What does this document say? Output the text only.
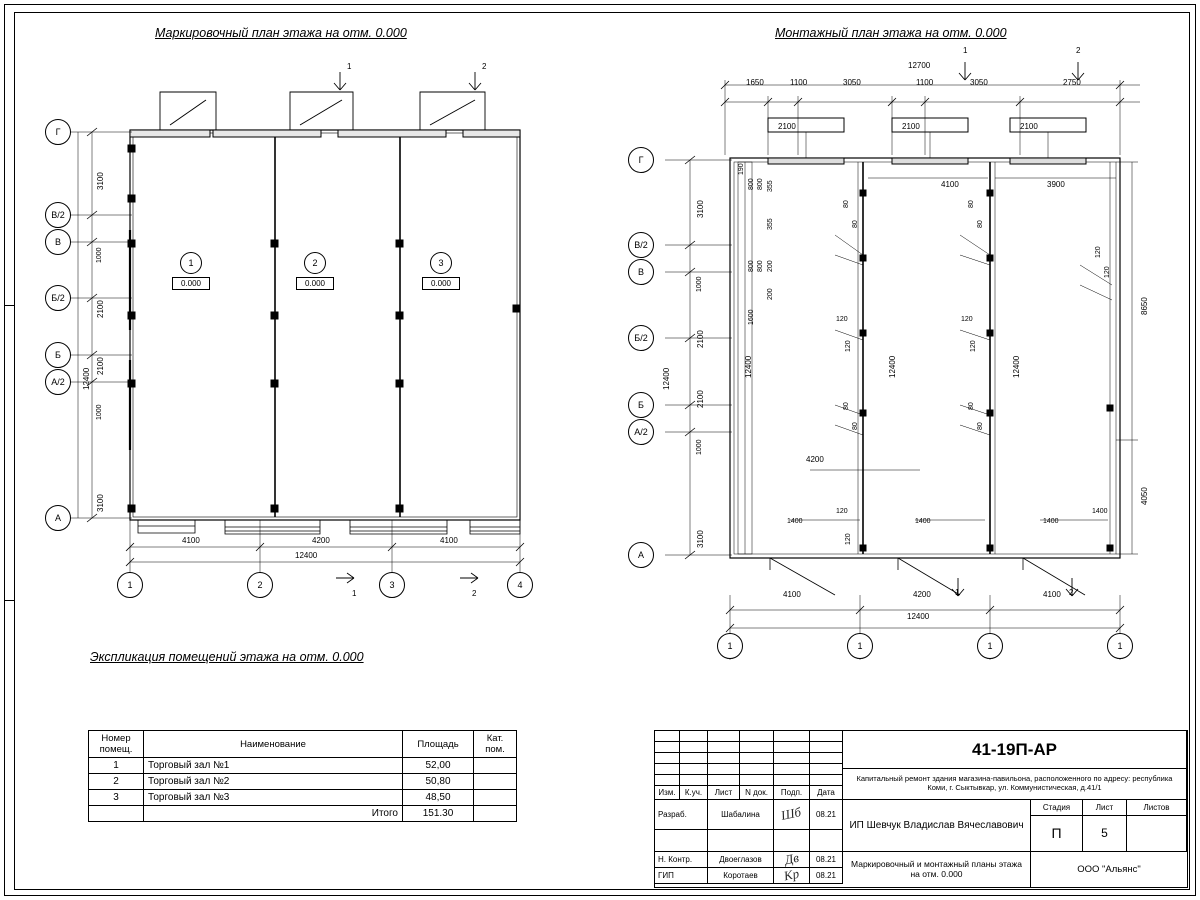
Маркировочный план этажа на отм. 0.000
Г
В/2
В
Б/2
Б
А/2
А
1	2	3	4
3100
1000
2100
2100
1000
3100
12400
4100	4200	4100
12400
1	2
1	2
1
0.000
2
0.000
3
0.000
Монтажный план этажа на отм. 0.000
1650	1100	3050	1100	3050	2750
12700
2100	2100	2100
Г
В/2
В
Б/2
Б
А/2
А
1	1	1	1
3100
1000
2100
2100
1000
3100
12400
8650
4050
4100	3900
4200
12400	12400	12400
4100	4200	4100
12400
190
800 800 355
355
800 800 200
200
1600
80
80
80
80
80
80
80
80
120
120
120
120
120
120
120
120
1400
1400	1400	1400
1	2
1	2
Экспликация помещений этажа на отм. 0.000
Номер помещ.	Наименование	Площадь	Кат. пом.
1	Торговый зал №1	52,00	
2	Торговый зал №2	50,80	
3	Торговый зал №3	48,50	
	Итого	151.30	
Изм.	К.уч.	Лист	N док.	Подп.	Дата
Разраб.	Шабалина	Шб	08.21
Н. Контр.	Двоеглазов	Дв	08.21
ГИП	Коротаев	Кр	08.21
41-19П-АР
Капитальный ремонт здания магазина-павильона, расположенного по адресу: республика Коми, г. Сыктывкар, ул. Коммунистическая, д.41/1
ИП Шевчук Владислав Вячеславович
Стадия	Лист	Листов
П	5
Маркировочный и монтажный планы этажа на отм. 0.000	ООО "Альянс"
